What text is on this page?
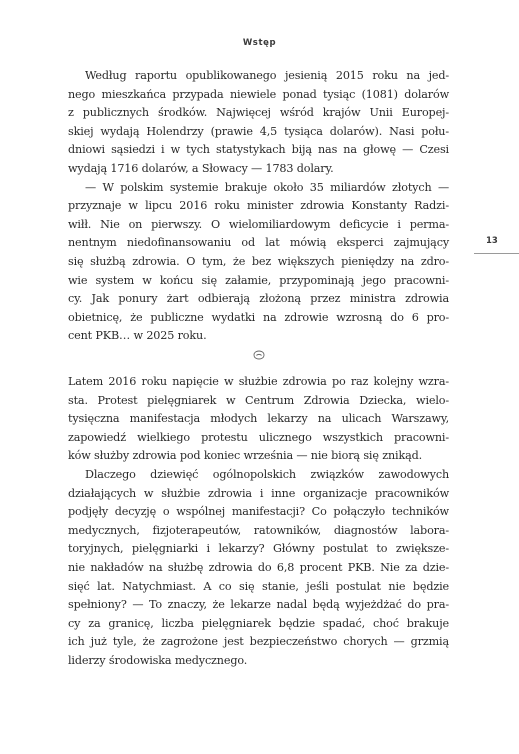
Wstęp
13

Według raportu opublikowanego jesienią 2015 roku na jed-
nego mieszkańca przypada niewiele ponad tysiąc (1081) dolarów
z publicznych środków. Najwięcej wśród krajów Unii Europej-
skiej wydają Holendrzy (prawie 4,5 tysiąca dolarów). Nasi połu-
dniowi sąsiedzi i w tych statystykach biją nas na głowę — Czesi
wydają 1716 dolarów, a Słowacy — 1783 dolary.

— W polskim systemie brakuje około 35 miliardów złotych —
przyznaje w lipcu 2016 roku minister zdrowia Konstanty Radzi-
wiłł. Nie on pierwszy. O wielomiliardowym deficycie i perma-
nentnym niedofinansowaniu od lat mówią eksperci zajmujący
się służbą zdrowia. O tym, że bez większych pieniędzy na zdro-
wie system w końcu się załamie, przypominają jego pracowni-
cy. Jak ponury żart odbierają złożoną przez ministra zdrowia
obietnicę, że publiczne wydatki na zdrowie wzrosną do 6 pro-
cent PKB… w 2025 roku.

Latem 2016 roku napięcie w służbie zdrowia po raz kolejny wzra-
sta. Protest pielęgniarek w Centrum Zdrowia Dziecka, wielo-
tysięczna manifestacja młodych lekarzy na ulicach Warszawy,
zapowiedź wielkiego protestu ulicznego wszystkich pracowni-
ków służby zdrowia pod koniec września — nie biorą się znikąd.

Dlaczego dziewięć ogólnopolskich związków zawodowych
działających w służbie zdrowia i inne organizacje pracowników
podjęły decyzję o wspólnej manifestacji? Co połączyło techników
medycznych, fizjoterapeutów, ratowników, diagnostów labora-
toryjnych, pielęgniarki i lekarzy? Główny postulat to zwiększe-
nie nakładów na służbę zdrowia do 6,8 procent PKB. Nie za dzie-
sięć lat. Natychmiast. A co się stanie, jeśli postulat nie będzie
spełniony? — To znaczy, że lekarze nadal będą wyjeżdżać do pra-
cy za granicę, liczba pielęgniarek będzie spadać, choć brakuje
ich już tyle, że zagrożone jest bezpieczeństwo chorych — grzmią
liderzy środowiska medycznego.
